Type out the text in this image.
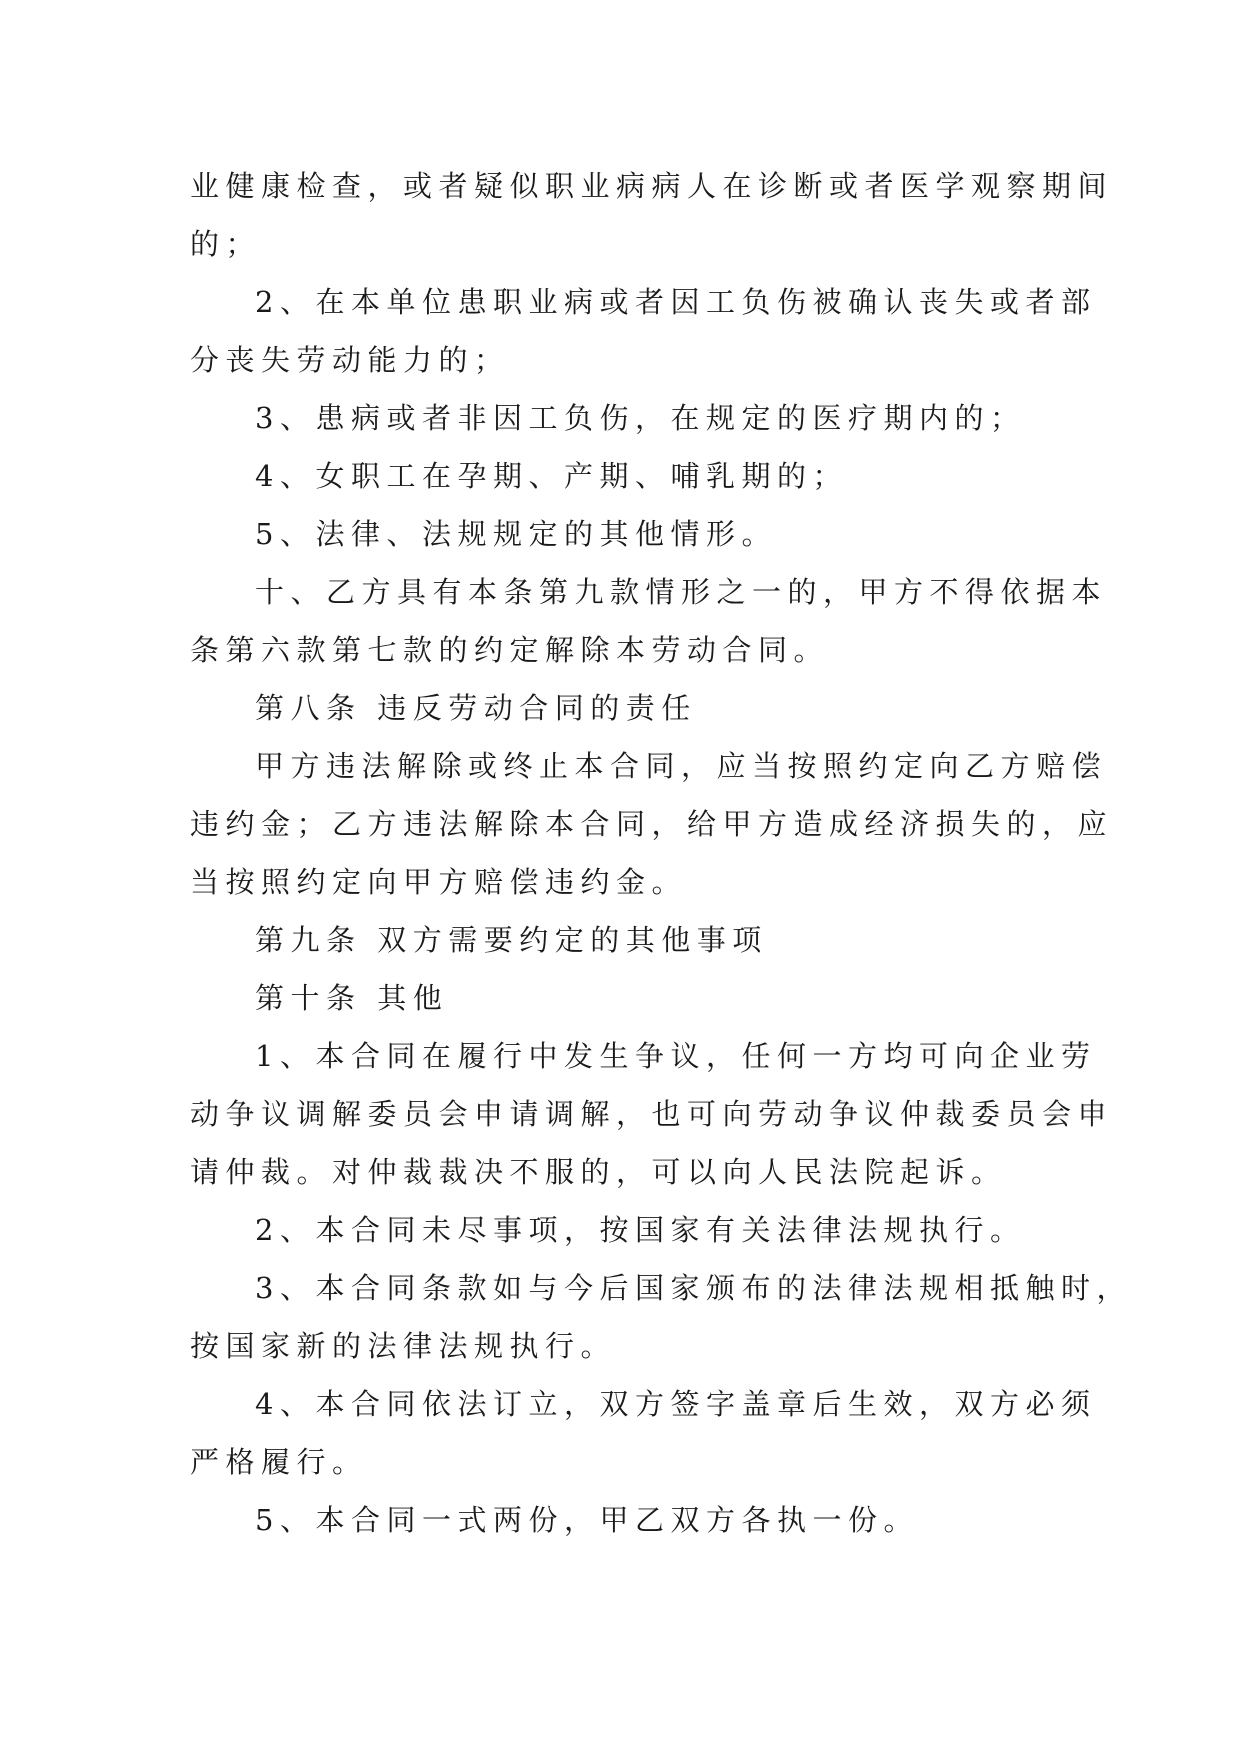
业健康检查，或者疑似职业病病人在诊断或者医学观察期间
的；
2、在本单位患职业病或者因工负伤被确认丧失或者部
分丧失劳动能力的；
3、患病或者非因工负伤，在规定的医疗期内的；
4、女职工在孕期、产期、哺乳期的；
5、法律、法规规定的其他情形。
十、乙方具有本条第九款情形之一的，甲方不得依据本
条第六款第七款的约定解除本劳动合同。
第八条 违反劳动合同的责任
甲方违法解除或终止本合同，应当按照约定向乙方赔偿
违约金；乙方违法解除本合同，给甲方造成经济损失的，应
当按照约定向甲方赔偿违约金。
第九条 双方需要约定的其他事项
第十条 其他
1、本合同在履行中发生争议，任何一方均可向企业劳
动争议调解委员会申请调解，也可向劳动争议仲裁委员会申
请仲裁。对仲裁裁决不服的，可以向人民法院起诉。
2、本合同未尽事项，按国家有关法律法规执行。
3、本合同条款如与今后国家颁布的法律法规相抵触时，
按国家新的法律法规执行。
4、本合同依法订立，双方签字盖章后生效，双方必须
严格履行。
5、本合同一式两份，甲乙双方各执一份。
